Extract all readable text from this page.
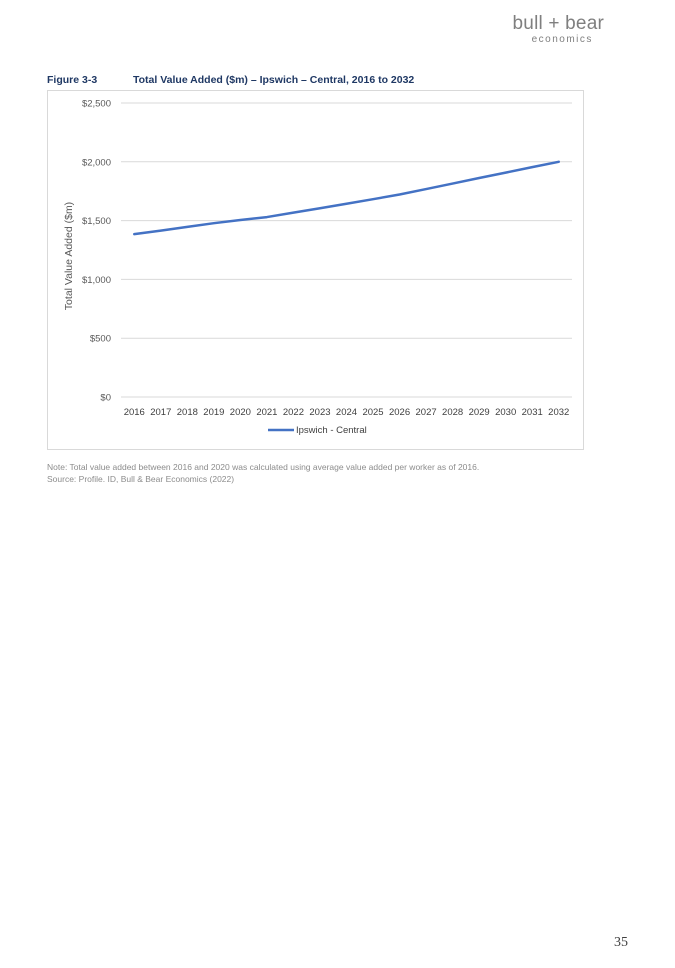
bull + bear
economics
Figure 3-3	Total Value Added ($m) – Ipswich – Central, 2016 to 2032
$0
$500
$1,000
$1,500
$2,000
$2,500
2016 2017 2018 2019 2020 2021 2022 2023 2024 2025 2026 2027 2028 2029 2030 2031 2032
Total Value Added ($m)
Ipswich - Central
Note: Total value added between 2016 and 2020 was calculated using average value added per worker as of 2016.
Source: Profile. ID, Bull & Bear Economics (2022)
35
